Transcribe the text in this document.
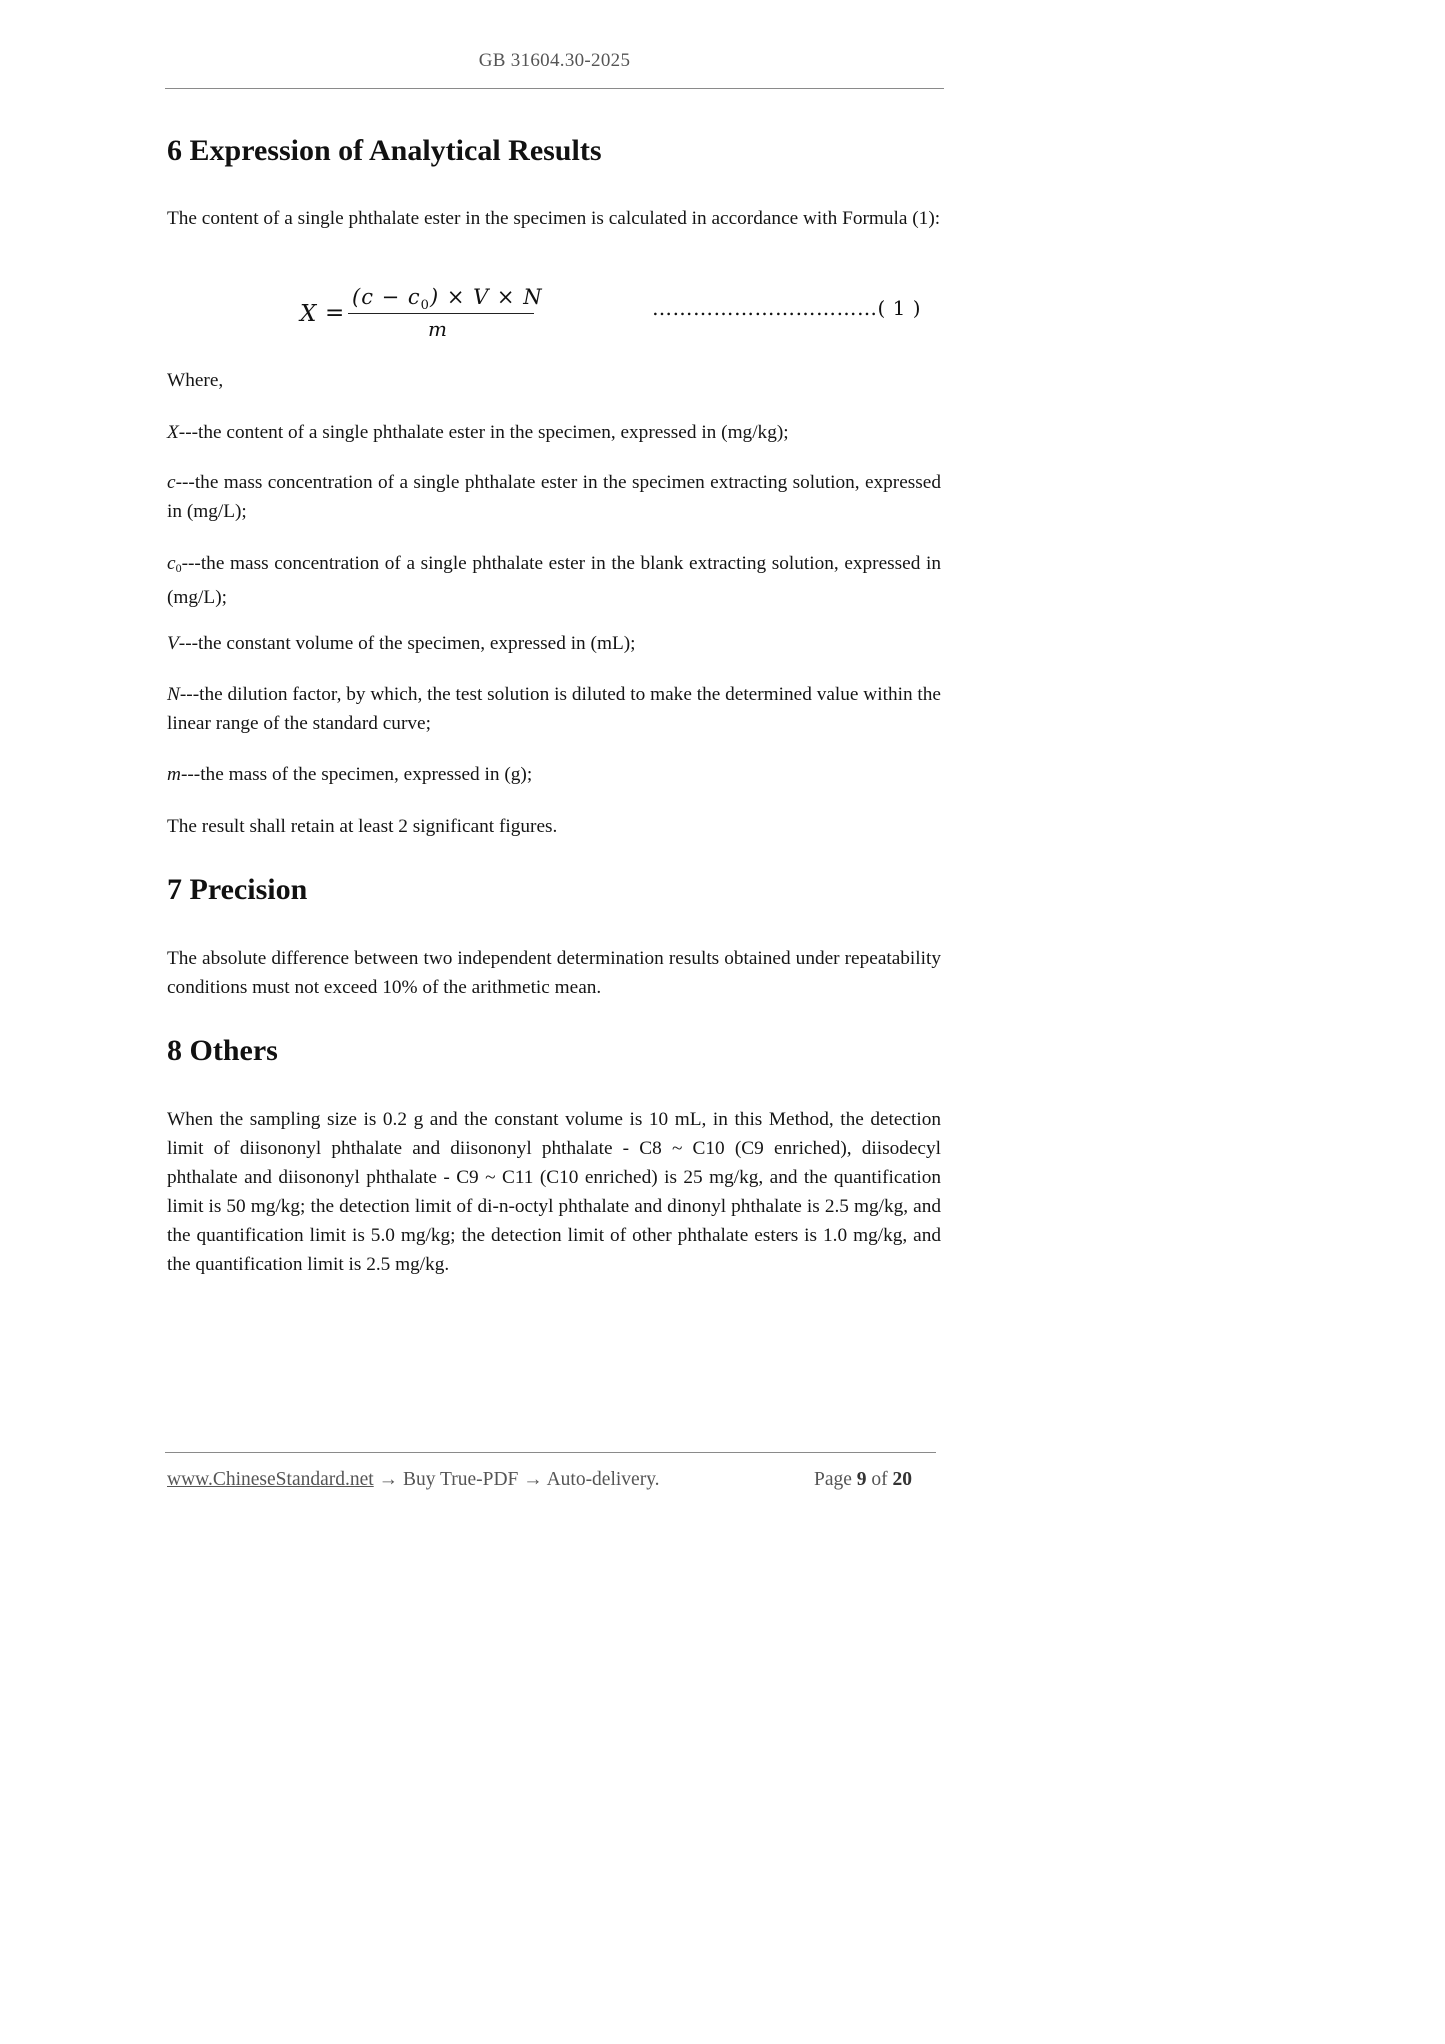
GB 31604.30-2025
6 Expression of Analytical Results

The content of a single phthalate ester in the specimen is calculated in accordance with Formula (1):

Where,

X---the content of a single phthalate ester in the specimen, expressed in (mg/kg);

c---the mass concentration of a single phthalate ester in the specimen extracting solution, expressed in (mg/L);

$c_0--$-the mass concentration of a single phthalate ester in the blank extracting solution, expressed in (mg/L);

V---the constant volume of the specimen, expressed in (mL);

N---the dilution factor, by which, the test solution is diluted to make the determined value within the linear range of the standard curve;

m---the mass of the specimen, expressed in (g);

The result shall retain at least 2 significant figures.

7 Precision

The absolute difference between two independent determination results obtained under repeatability conditions must not exceed 10% of the arithmetic mean.

8 Others

When the sampling size is 0.2 g and the constant volume is 10 mL, in this Method, the detection limit of diisononyl phthalate and diisononyl phthalate - C8 ~ C10 (C9 enriched), diisodecyl phthalate and diisononyl phthalate - C9 ~ C11 (C10 enriched) is 25 mg/kg, and the quantification limit is 50 mg/kg; the detection limit of di-n-octyl phthalate and dinonyl phthalate is 2.5 mg/kg, and the quantification limit is 5.0 mg/kg; the detection limit of other phthalate esters is 1.0 mg/kg, and the quantification limit is 2.5 mg/kg.

X =
$(c - c_0) \times V \times N$
m
……………………………( 1 )
www.ChineseStandard.net → Buy True-PDF → Auto-delivery.	Page 9 of 20
